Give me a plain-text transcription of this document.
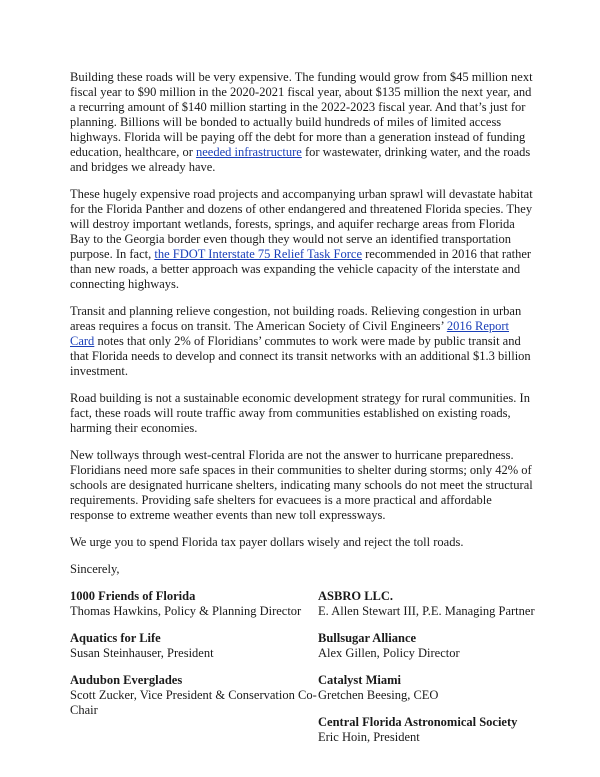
Building these roads will be very expensive. The funding would grow from $45 million next fiscal year to $90 million in the 2020-2021 fiscal year, about $135 million the next year, and a recurring amount of $140 million starting in the 2022-2023 fiscal year. And that’s just for planning. Billions will be bonded to actually build hundreds of miles of limited access highways. Florida will be paying off the debt for more than a generation instead of funding education, healthcare, or needed infrastructure for wastewater, drinking water, and the roads and bridges we already have.

These hugely expensive road projects and accompanying urban sprawl will devastate habitat for the Florida Panther and dozens of other endangered and threatened Florida species. They will destroy important wetlands, forests, springs, and aquifer recharge areas from Florida Bay to the Georgia border even though they would not serve an identified transportation purpose. In fact, the FDOT Interstate 75 Relief Task Force recommended in 2016 that rather than new roads, a better approach was expanding the vehicle capacity of the interstate and connecting highways.

Transit and planning relieve congestion, not building roads. Relieving congestion in urban areas requires a focus on transit. The American Society of Civil Engineers’ 2016 Report Card notes that only 2% of Floridians’ commutes to work were made by public transit and that Florida needs to develop and connect its transit networks with an additional $1.3 billion investment.

Road building is not a sustainable economic development strategy for rural communities. In fact, these roads will route traffic away from communities established on existing roads, harming their economies.

New tollways through west-central Florida are not the answer to hurricane preparedness. Floridians need more safe spaces in their communities to shelter during storms; only 42% of schools are designated hurricane shelters, indicating many schools do not meet the structural requirements. Providing safe shelters for evacuees is a more practical and affordable response to extreme weather events than new toll expressways.

We urge you to spend Florida tax payer dollars wisely and reject the toll roads.

Sincerely,

1000 Friends of Florida
Thomas Hawkins, Policy & Planning Director
Aquatics for Life
Susan Steinhauser, President
Audubon Everglades
Scott Zucker, Vice President & Conservation Co-Chair
ASBRO LLC.
E. Allen Stewart III, P.E. Managing Partner
Bullsugar Alliance
Alex Gillen, Policy Director
Catalyst Miami
Gretchen Beesing, CEO
Central Florida Astronomical Society
Eric Hoin, President
